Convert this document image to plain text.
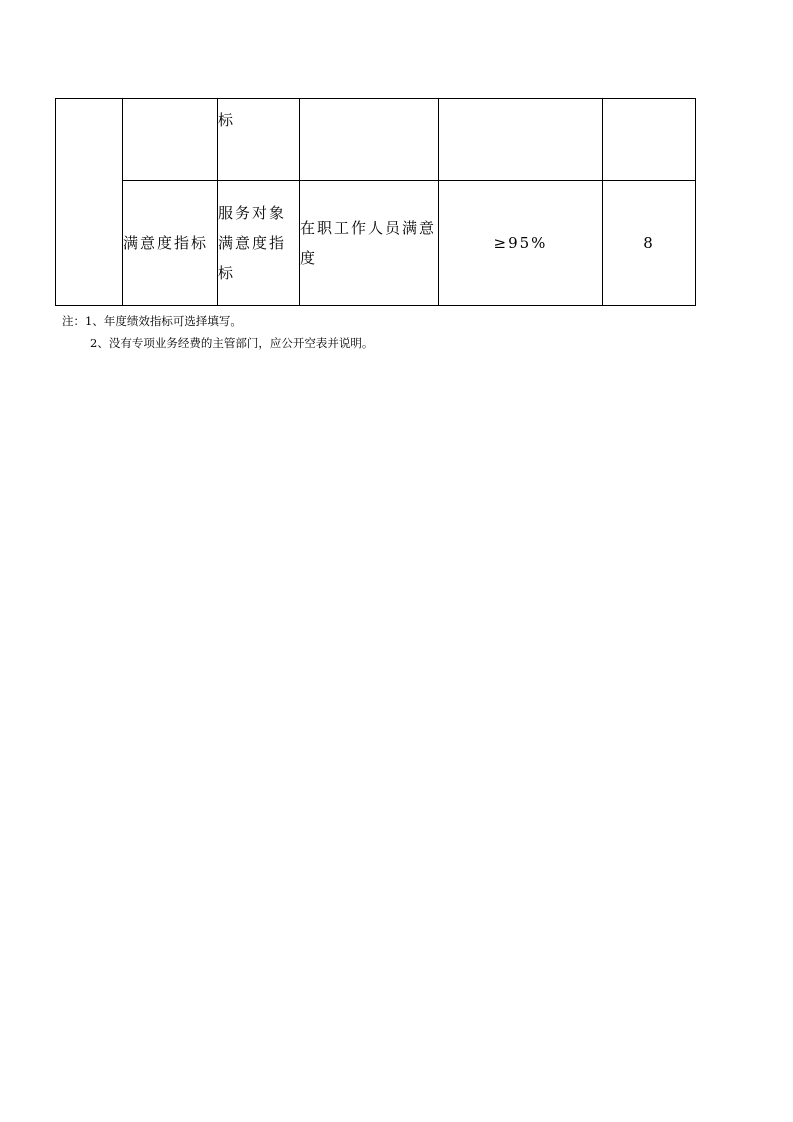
		标			
	满意度指标	服务对象满意度指标	在职工作人员满意度	≥95%	8
注：1、年度绩效指标可选择填写。
2、没有专项业务经费的主管部门，应公开空表并说明。
